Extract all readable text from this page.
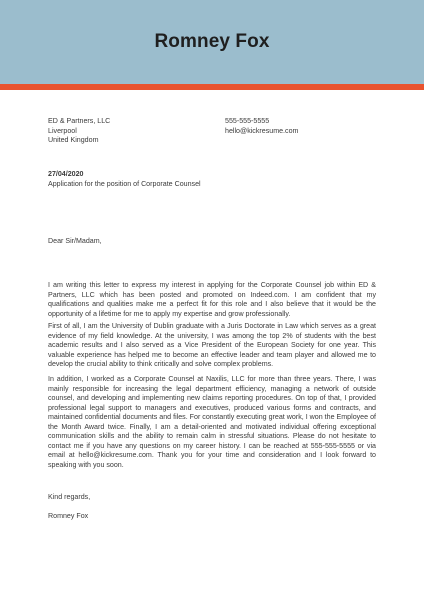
Romney Fox
ED & Partners, LLC
Liverpool
United Kingdom
555-555-5555
hello@kickresume.com
27/04/2020
Application for the position of Corporate Counsel
Dear Sir/Madam,

I am writing this letter to express my interest in applying for the Corporate Counsel job within ED & Partners, LLC which has been posted and promoted on Indeed.com. I am confident that my qualifications and qualities make me a perfect fit for this role and I also believe that it would be the opportunity of a lifetime for me to apply my expertise and grow professionally.

First of all, I am the University of Dublin graduate with a Juris Doctorate in Law which serves as a great evidence of my field knowledge. At the university, I was among the top 2% of students with the best academic results and I also served as a Vice President of the European Society for one year. This valuable experience has helped me to become an effective leader and team player and allowed me to develop the crucial ability to think critically and solve complex problems.

In addition, I worked as a Corporate Counsel at Naxilis, LLC for more than three years. There, I was mainly responsible for increasing the legal department efficiency, managing a network of outside counsel, and developing and implementing new claims reporting procedures. On top of that, I provided professional legal support to managers and executives, produced various forms and contracts, and maintained confidential documents and files. For constantly executing great work, I won the Employee of the Month Award twice. Finally, I am a detail-oriented and motivated individual offering exceptional communication skills and the ability to remain calm in stressful situations. Please do not hesitate to contact me if you have any questions on my career history. I can be reached at 555-555-5555 or via email at hello@kickresume.com. Thank you for your time and consideration and I look forward to speaking with you soon.

Kind regards,
Romney Fox
